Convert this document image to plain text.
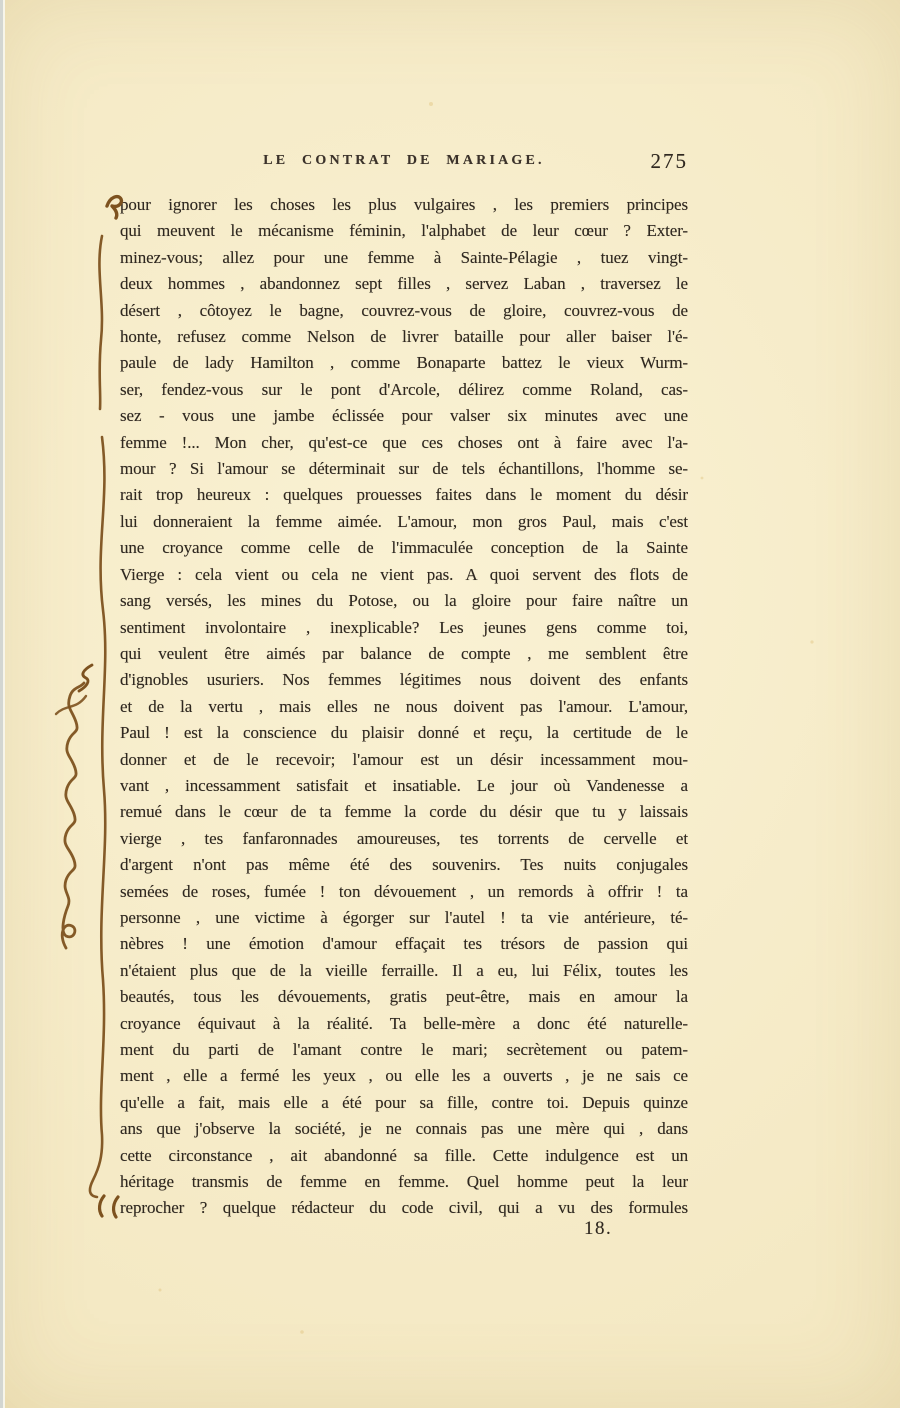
LE CONTRAT DE MARIAGE.	275
pour ignorer les choses les plus vulgaires , les premiers principes
qui meuvent le mécanisme féminin, l'alphabet de leur cœur ? Exter-
minez-vous; allez pour une femme à Sainte-Pélagie , tuez vingt-
deux hommes , abandonnez sept filles , servez Laban , traversez le
désert , côtoyez le bagne, couvrez-vous de gloire, couvrez-vous de
honte, refusez comme Nelson de livrer bataille pour aller baiser l'é-
paule de lady Hamilton , comme Bonaparte battez le vieux Wurm-
ser, fendez-vous sur le pont d'Arcole, délirez comme Roland, cas-
sez - vous une jambe éclissée pour valser six minutes avec une
femme !... Mon cher, qu'est-ce que ces choses ont à faire avec l'a-
mour ? Si l'amour se déterminait sur de tels échantillons, l'homme se-
rait trop heureux : quelques prouesses faites dans le moment du désir
lui donneraient la femme aimée. L'amour, mon gros Paul, mais c'est
une croyance comme celle de l'immaculée conception de la Sainte
Vierge : cela vient ou cela ne vient pas. A quoi servent des flots de
sang versés, les mines du Potose, ou la gloire pour faire naître un
sentiment involontaire , inexplicable? Les jeunes gens comme toi,
qui veulent être aimés par balance de compte , me semblent être
d'ignobles usuriers. Nos femmes légitimes nous doivent des enfants
et de la vertu , mais elles ne nous doivent pas l'amour. L'amour,
Paul ! est la conscience du plaisir donné et reçu, la certitude de le
donner et de le recevoir; l'amour est un désir incessamment mou-
vant , incessamment satisfait et insatiable. Le jour où Vandenesse a
remué dans le cœur de ta femme la corde du désir que tu y laissais
vierge , tes fanfaronnades amoureuses, tes torrents de cervelle et
d'argent n'ont pas même été des souvenirs. Tes nuits conjugales
semées de roses, fumée ! ton dévouement , un remords à offrir ! ta
personne , une victime à égorger sur l'autel ! ta vie antérieure, té-
nèbres ! une émotion d'amour effaçait tes trésors de passion qui
n'étaient plus que de la vieille ferraille. Il a eu, lui Félix, toutes les
beautés, tous les dévouements, gratis peut-être, mais en amour la
croyance équivaut à la réalité. Ta belle-mère a donc été naturelle-
ment du parti de l'amant contre le mari; secrètement ou patem-
ment , elle a fermé les yeux , ou elle les a ouverts , je ne sais ce
qu'elle a fait, mais elle a été pour sa fille, contre toi. Depuis quinze
ans que j'observe la société, je ne connais pas une mère qui , dans
cette circonstance , ait abandonné sa fille. Cette indulgence est un
héritage transmis de femme en femme. Quel homme peut la leur
reprocher ? quelque rédacteur du code civil, qui a vu des formules
18.
